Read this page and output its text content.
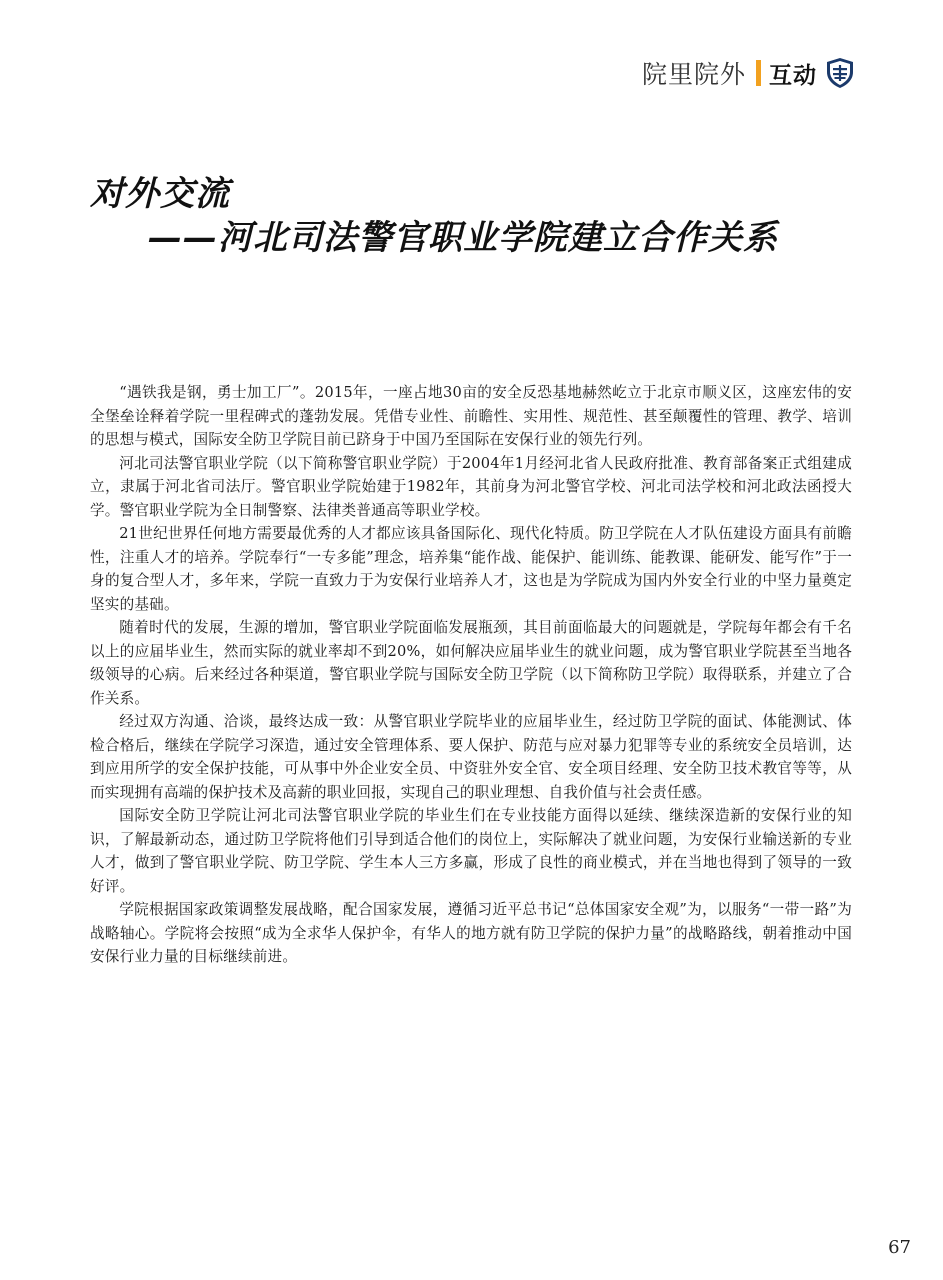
院里院外 互动
对外交流
——河北司法警官职业学院建立合作关系

“遇铁我是钢，勇士加工厂”。2015年，一座占地30亩的安全反恐基地赫然屹立于北京市顺义区，这座宏伟的安全堡垒诠释着学院一里程碑式的蓬勃发展。凭借专业性、前瞻性、实用性、规范性、甚至颠覆性的管理、教学、培训的思想与模式，国际安全防卫学院目前已跻身于中国乃至国际在安保行业的领先行列。

河北司法警官职业学院（以下简称警官职业学院）于2004年1月经河北省人民政府批准、教育部备案正式组建成立，隶属于河北省司法厅。警官职业学院始建于1982年，其前身为河北警官学校、河北司法学校和河北政法函授大学。警官职业学院为全日制警察、法律类普通高等职业学校。

21世纪世界任何地方需要最优秀的人才都应该具备国际化、现代化特质。防卫学院在人才队伍建设方面具有前瞻性，注重人才的培养。学院奉行“一专多能”理念，培养集“能作战、能保护、能训练、能教课、能研发、能写作”于一身的复合型人才，多年来，学院一直致力于为安保行业培养人才，这也是为学院成为国内外安全行业的中坚力量奠定坚实的基础。

随着时代的发展，生源的增加，警官职业学院面临发展瓶颈，其目前面临最大的问题就是，学院每年都会有千名以上的应届毕业生，然而实际的就业率却不到20%，如何解决应届毕业生的就业问题，成为警官职业学院甚至当地各级领导的心病。后来经过各种渠道，警官职业学院与国际安全防卫学院（以下简称防卫学院）取得联系，并建立了合作关系。

经过双方沟通、洽谈，最终达成一致：从警官职业学院毕业的应届毕业生，经过防卫学院的面试、体能测试、体检合格后，继续在学院学习深造，通过安全管理体系、要人保护、防范与应对暴力犯罪等专业的系统安全员培训，达到应用所学的安全保护技能，可从事中外企业安全员、中资驻外安全官、安全项目经理、安全防卫技术教官等等，从而实现拥有高端的保护技术及高薪的职业回报，实现自己的职业理想、自我价值与社会责任感。

国际安全防卫学院让河北司法警官职业学院的毕业生们在专业技能方面得以延续、继续深造新的安保行业的知识，了解最新动态，通过防卫学院将他们引导到适合他们的岗位上，实际解决了就业问题，为安保行业输送新的专业人才，做到了警官职业学院、防卫学院、学生本人三方多赢，形成了良性的商业模式，并在当地也得到了领导的一致好评。

学院根据国家政策调整发展战略，配合国家发展，遵循习近平总书记“总体国家安全观”为，以服务“一带一路”为战略轴心。学院将会按照“成为全求华人保护伞，有华人的地方就有防卫学院的保护力量”的战略路线，朝着推动中国安保行业力量的目标继续前进。

67
